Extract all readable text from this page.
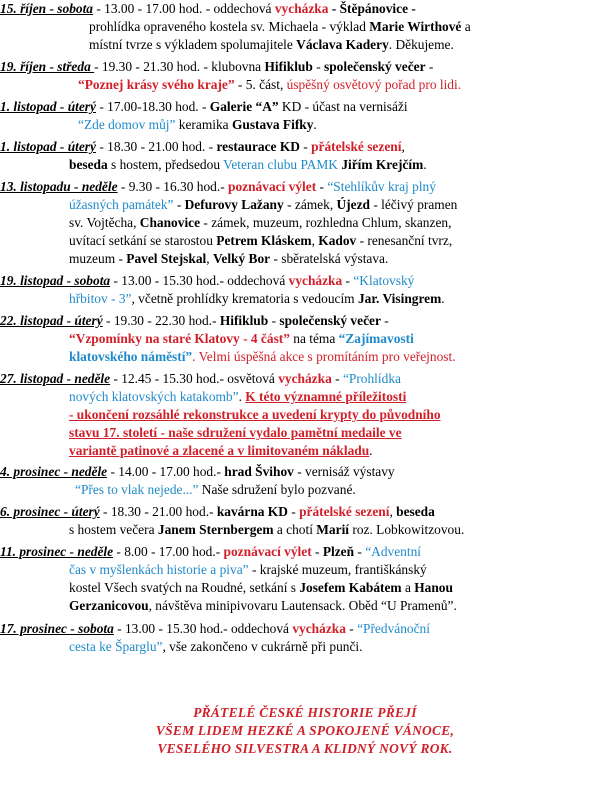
15. říjen - sobota - 13.00 - 17.00 hod. - oddechová vycházka - Štěpánovice -
prohlídka opraveného kostela sv. Michaela - výklad Marie Wirthové a
místní tvrze s výkladem spolumajitele Václava Kadery. Děkujeme.
19. říjen - středa - 19.30 - 21.30 hod. - klubovna Hifiklub - společenský večer -
“Poznej krásy svého kraje” - 5. část, úspěšný osvětový pořad pro lidi.
1. listopad - úterý - 17.00-18.30 hod. - Galerie “A” KD - účast na vernisáži
“Zde domov můj” keramika Gustava Fifky.
1. listopad - úterý - 18.30 - 21.00 hod. - restaurace KD - přátelské sezení,
beseda s hostem, předsedou Veteran clubu PAMK Jiřím Krejčím.
13. listopadu - neděle - 9.30 - 16.30 hod.- poznávací výlet - “Stehlíkův kraj plný
úžasných památek” - Defurovy Lažany - zámek, Újezd - léčivý pramen
sv. Vojtěcha, Chanovice - zámek, muzeum, rozhledna Chlum, skanzen,
uvítací setkání se starostou Petrem Kláskem, Kadov - renesanční tvrz,
muzeum - Pavel Stejskal, Velký Bor - sběratelská výstava.
19. listopad - sobota - 13.00 - 15.30 hod.- oddechová vycházka - “Klatovský
hřbitov - 3”, včetně prohlídky krematoria s vedoucím Jar. Visingrem.
22. listopad - úterý - 19.30 - 22.30 hod.- Hifiklub - společenský večer -
“Vzpomínky na staré Klatovy - 4 část” na téma “Zajímavosti
klatovského náměstí”. Velmi úspěšná akce s promítáním pro veřejnost.
27. listopad - neděle - 12.45 - 15.30 hod.- osvětová vycházka - “Prohlídka
nových klatovských katakomb”. K této významné příležitosti
- ukončení rozsáhlé rekonstrukce a uvedení krypty do původního
stavu 17. století - naše sdružení vydalo pamětní medaile ve
variantě patinové a zlacené a v limitovaném nákladu.
4. prosinec - neděle - 14.00 - 17.00 hod.- hrad Švihov - vernisáž výstavy
“Přes to vlak nejede...” Naše sdružení bylo pozvané.
6. prosinec - úterý - 18.30 - 21.00 hod.- kavárna KD - přátelské sezení, beseda
s hostem večera Janem Sternbergem a chotí Marií roz. Lobkowitzovou.
11. prosinec - neděle - 8.00 - 17.00 hod.- poznávací výlet - Plzeň - “Adventní
čas v myšlenkách historie a piva” - krajské muzeum, františkánský
kostel Všech svatých na Roudné, setkání s Josefem Kabátem a Hanou
Gerzanicovou, návštěva minipivovaru Lautensack. Oběd “U Pramenů”.
17. prosinec - sobota - 13.00 - 15.30 hod.- oddechová vycházka - “Předvánoční
cesta ke Šparglu”, vše zakončeno v cukrárně při punči.
PŘÁTELÉ ČESKÉ HISTORIE PŘEJÍ
VŠEM LIDEM HEZKÉ A SPOKOJENÉ VÁNOCE,
VESELÉHO SILVESTRA A KLIDNÝ NOVÝ ROK.
